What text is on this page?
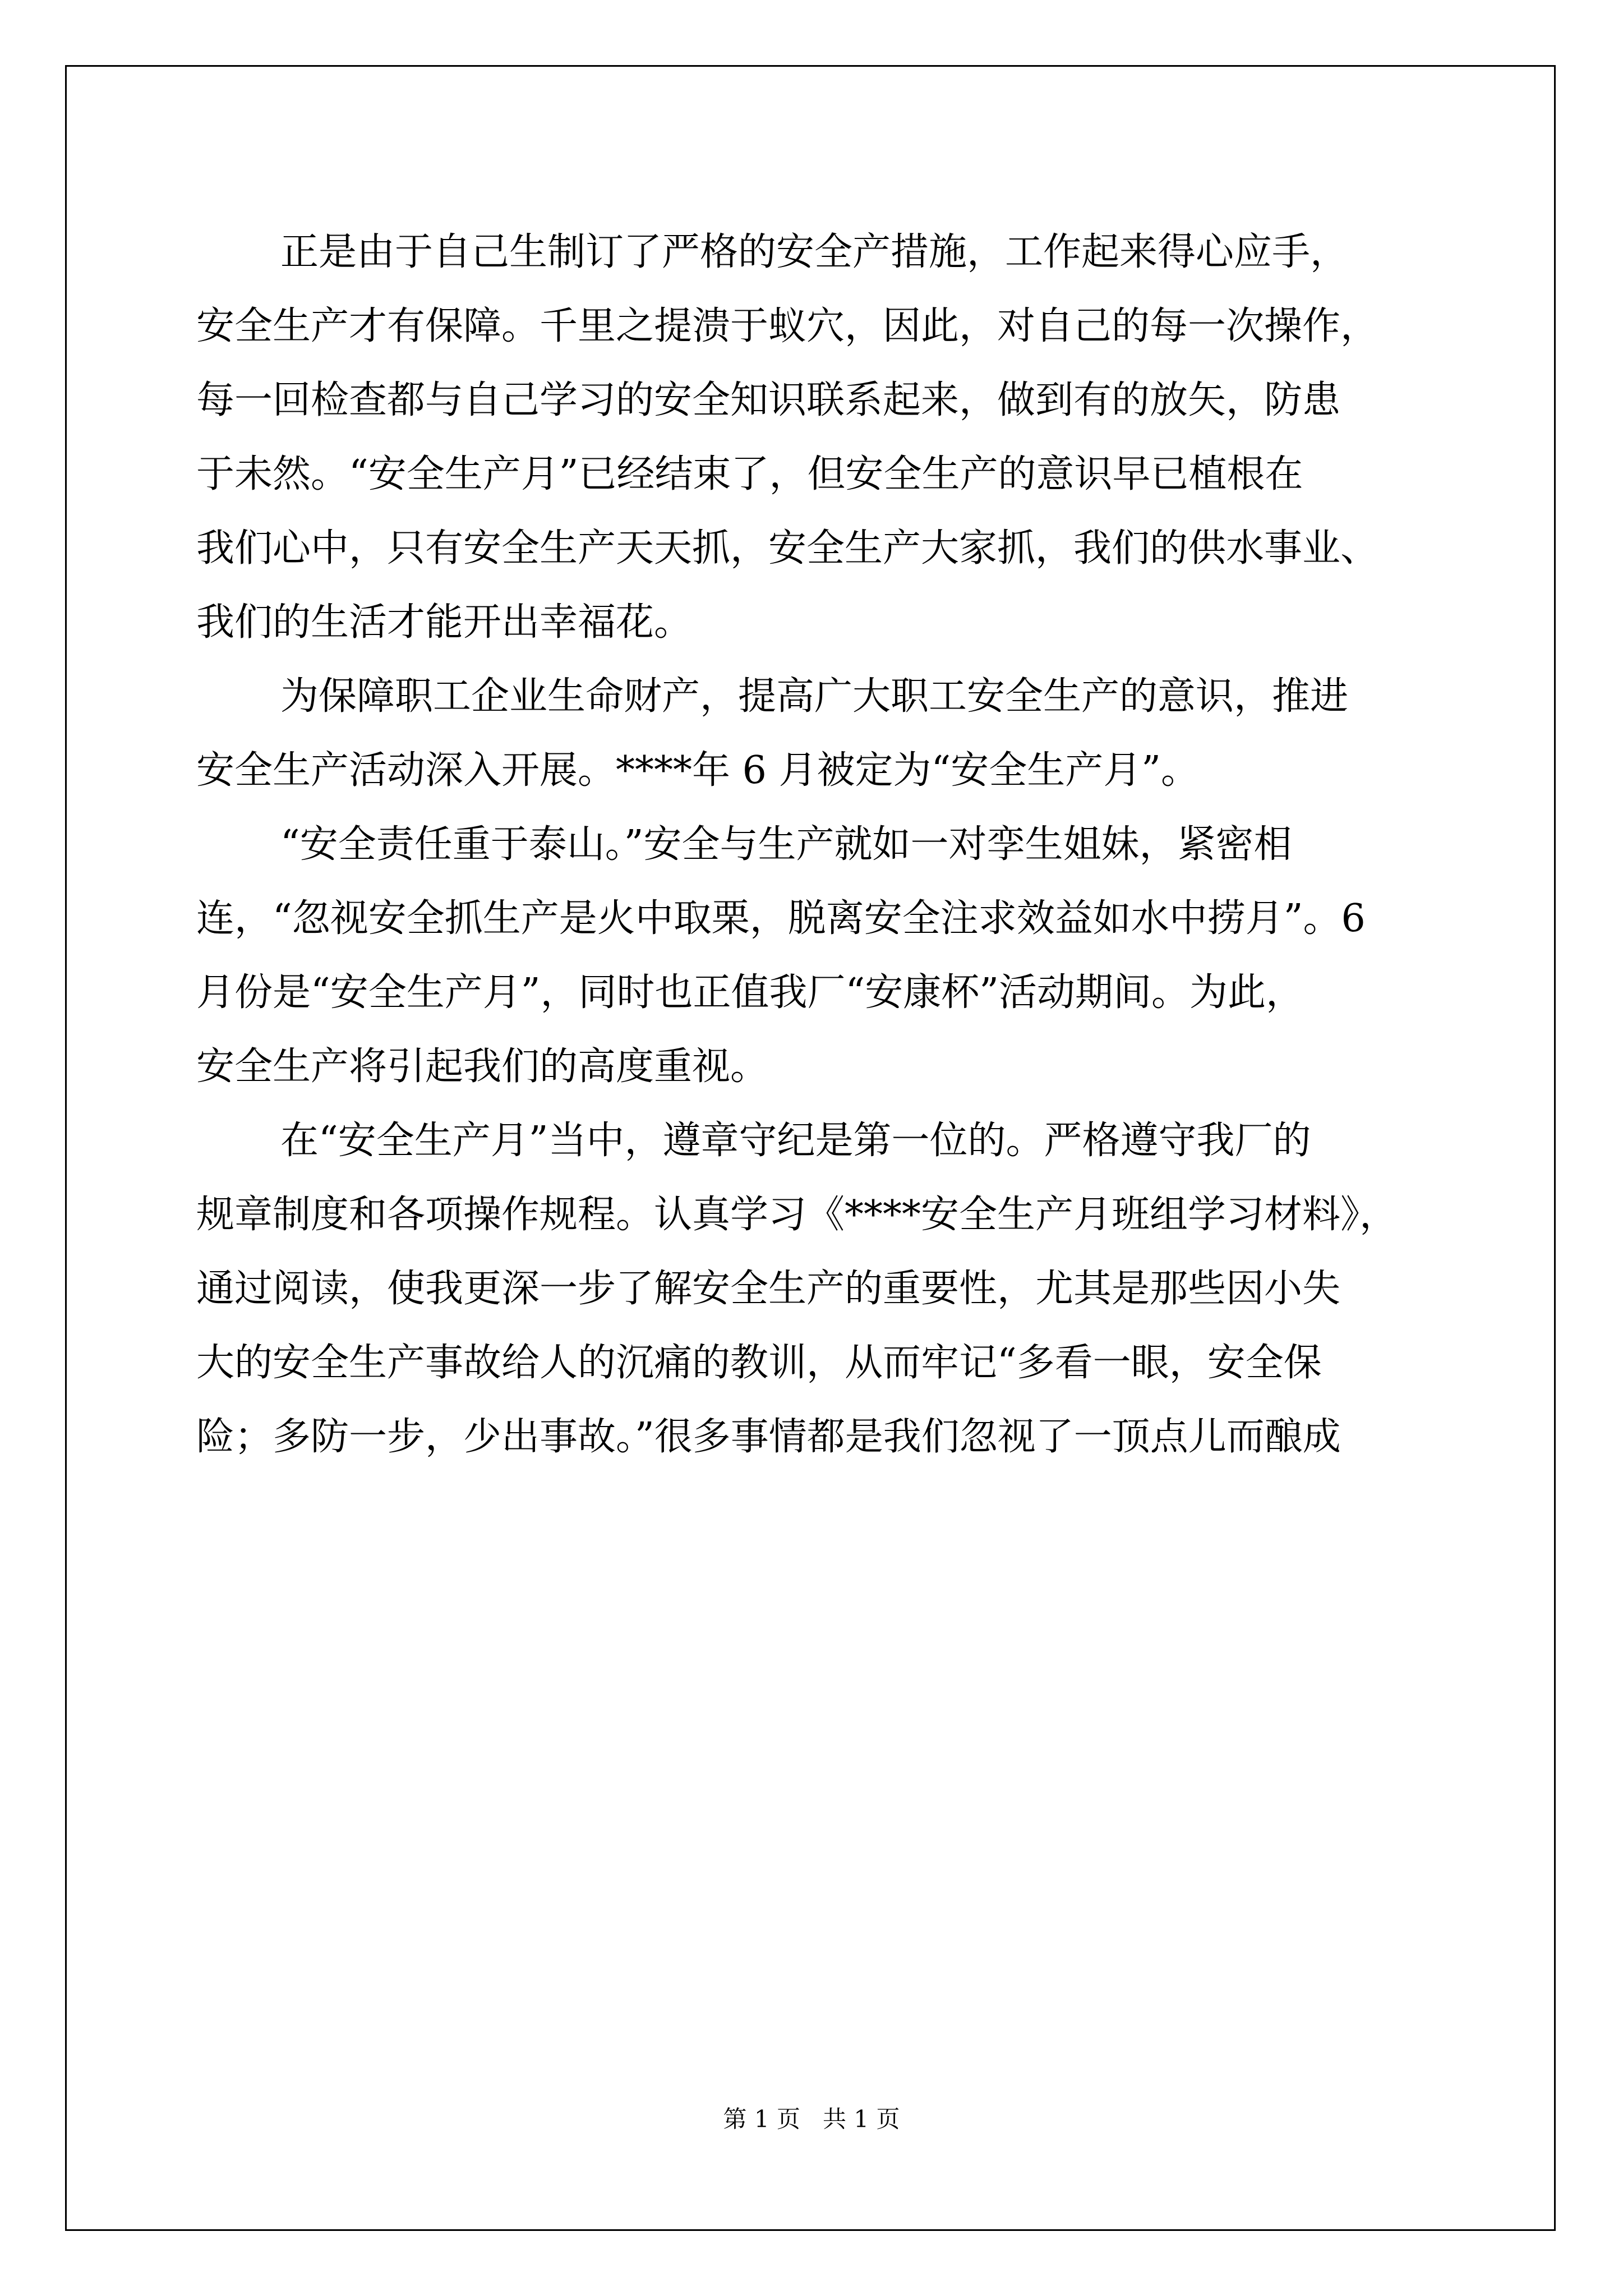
正是由于自己生制订了严格的安全产措施，工作起来得心应手，
安全生产才有保障。千里之提溃于蚁穴，因此，对自己的每一次操作，
每一回检查都与自己学习的安全知识联系起来，做到有的放矢，防患
于未然。“安全生产月”已经结束了，但安全生产的意识早已植根在
我们心中，只有安全生产天天抓，安全生产大家抓，我们的供水事业、
我们的生活才能开出幸福花。
为保障职工企业生命财产，提高广大职工安全生产的意识，推进
安全生产活动深入开展。****年 6 月被定为“安全生产月”。
“安全责任重于泰山。”安全与生产就如一对孪生姐妹，紧密相
连，“忽视安全抓生产是火中取栗，脱离安全注求效益如水中捞月”。6
月份是“安全生产月”，同时也正值我厂“安康杯”活动期间。为此，
安全生产将引起我们的高度重视。
在“安全生产月”当中，遵章守纪是第一位的。严格遵守我厂的
规章制度和各项操作规程。认真学习《****安全生产月班组学习材料》，
通过阅读，使我更深一步了解安全生产的重要性，尤其是那些因小失
大的安全生产事故给人的沉痛的教训，从而牢记“多看一眼，安全保
险；多防一步，少出事故。”很多事情都是我们忽视了一顶点儿而酿成
第 1 页   共 1 页
